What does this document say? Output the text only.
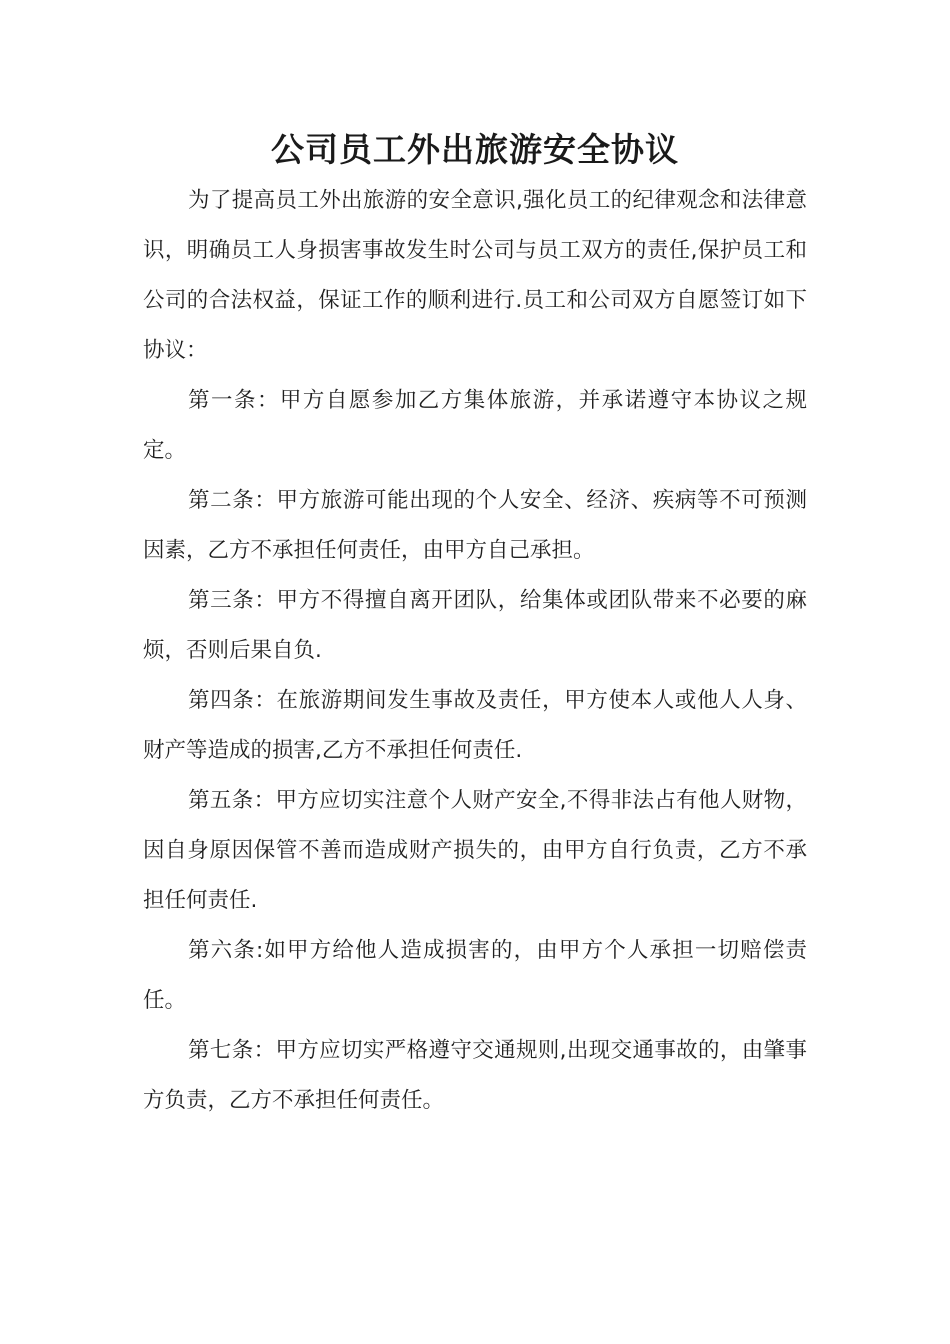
公司员工外出旅游安全协议

为了提高员工外出旅游的安全意识,强化员工的纪律观念和法律意识，明确员工人身损害事故发生时公司与员工双方的责任,保护员工和公司的合法权益，保证工作的顺利进行.员工和公司双方自愿签订如下协议：

第一条：甲方自愿参加乙方集体旅游，并承诺遵守本协议之规定。

第二条：甲方旅游可能出现的个人安全、经济、疾病等不可预测因素，乙方不承担任何责任，由甲方自己承担。

第三条：甲方不得擅自离开团队，给集体或团队带来不必要的麻烦，否则后果自负.

第四条：在旅游期间发生事故及责任，甲方使本人或他人人身、财产等造成的损害,乙方不承担任何责任.

第五条：甲方应切实注意个人财产安全,不得非法占有他人财物，因自身原因保管不善而造成财产损失的，由甲方自行负责，乙方不承担任何责任.

第六条:如甲方给他人造成损害的，由甲方个人承担一切赔偿责任。

第七条：甲方应切实严格遵守交通规则,出现交通事故的，由肇事方负责，乙方不承担任何责任。
